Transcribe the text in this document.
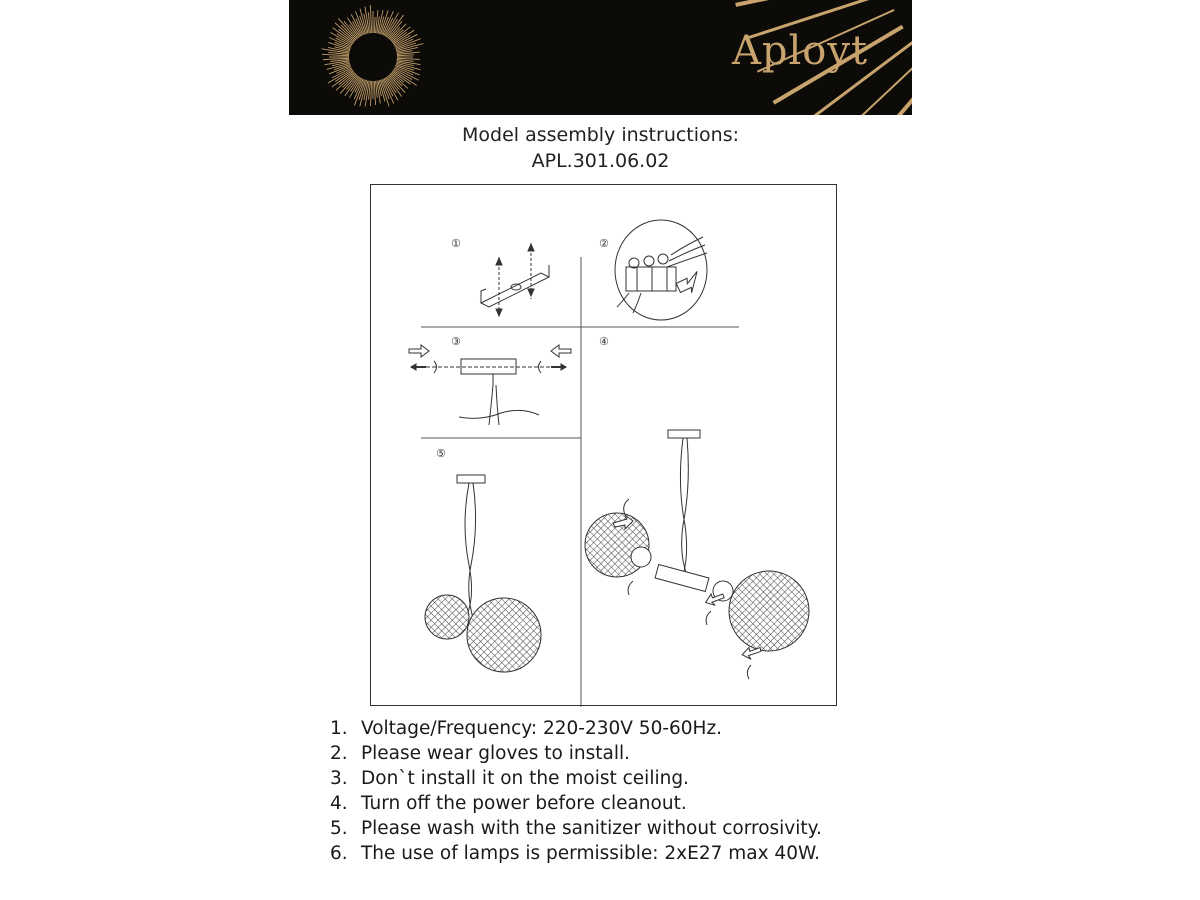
Aployt
Model assembly instructions:
APL.301.06.02
①	②
③	④
⑤
1. Voltage/Frequency: 220-230V 50-60Hz.
2. Please wear gloves to install.
3. Don`t install it on the moist ceiling.
4. Turn off the power before cleanout.
5. Please wash with the sanitizer without corrosivity.
6. The use of lamps is permissible: 2xE27 max 40W.
